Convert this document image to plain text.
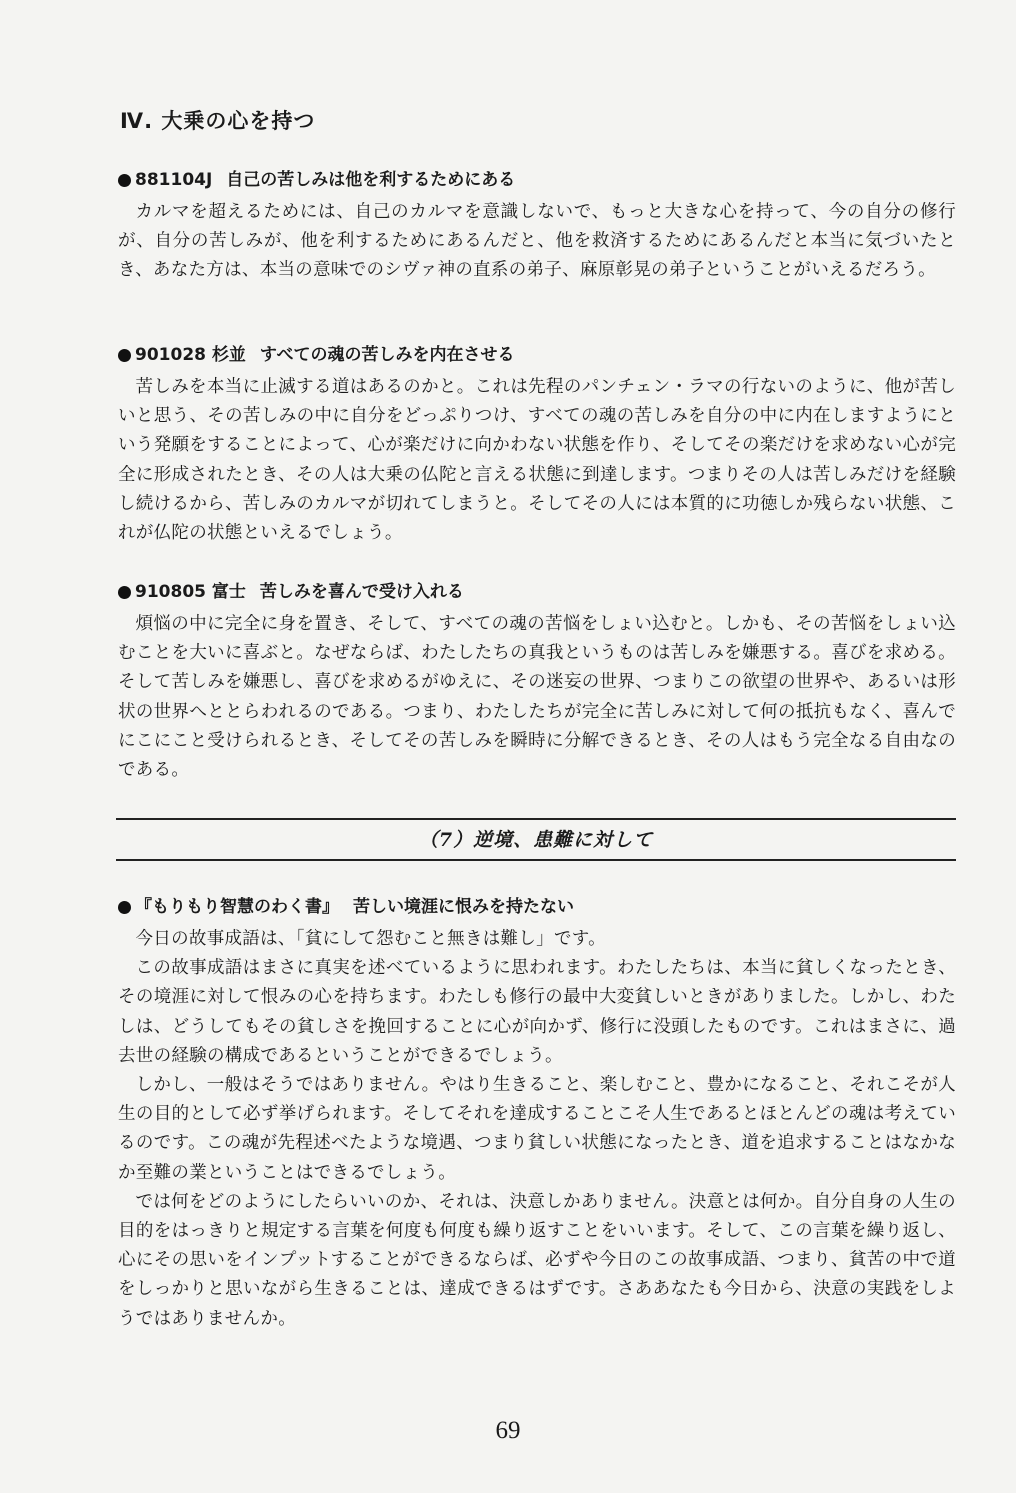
Ⅳ. 大乗の心を持つ
881104J 自己の苦しみは他を利するためにある

カルマを超えるためには、自己のカルマを意識しないで、もっと大きな心を持って、今の自分の修行が、自分の苦しみが、他を利するためにあるんだと、他を救済するためにあるんだと本当に気づいたとき、あなた方は、本当の意味でのシヴァ神の直系の弟子、麻原彰晃の弟子ということがいえるだろう。

901028 杉並 すべての魂の苦しみを内在させる

苦しみを本当に止滅する道はあるのかと。これは先程のパンチェン・ラマの行ないのように、他が苦しいと思う、その苦しみの中に自分をどっぷりつけ、すべての魂の苦しみを自分の中に内在しますようにという発願をすることによって、心が楽だけに向かわない状態を作り、そしてその楽だけを求めない心が完全に形成されたとき、その人は大乗の仏陀と言える状態に到達します。つまりその人は苦しみだけを経験し続けるから、苦しみのカルマが切れてしまうと。そしてその人には本質的に功徳しか残らない状態、これが仏陀の状態といえるでしょう。

910805 富士 苦しみを喜んで受け入れる

煩悩の中に完全に身を置き、そして、すべての魂の苦悩をしょい込むと。しかも、その苦悩をしょい込むことを大いに喜ぶと。なぜならば、わたしたちの真我というものは苦しみを嫌悪する。喜びを求める。そして苦しみを嫌悪し、喜びを求めるがゆえに、その迷妄の世界、つまりこの欲望の世界や、あるいは形状の世界へととらわれるのである。つまり、わたしたちが完全に苦しみに対して何の抵抗もなく、喜んでにこにこと受けられるとき、そしてその苦しみを瞬時に分解できるとき、その人はもう完全なる自由なのである。

（7）逆境、患難に対して
『もりもり智慧のわく書』 苦しい境涯に恨みを持たない

今日の故事成語は、「貧にして怨むこと無きは難し」です。

この故事成語はまさに真実を述べているように思われます。わたしたちは、本当に貧しくなったとき、その境涯に対して恨みの心を持ちます。わたしも修行の最中大変貧しいときがありました。しかし、わたしは、どうしてもその貧しさを挽回することに心が向かず、修行に没頭したものです。これはまさに、過去世の経験の構成であるということができるでしょう。

しかし、一般はそうではありません。やはり生きること、楽しむこと、豊かになること、それこそが人生の目的として必ず挙げられます。そしてそれを達成することこそ人生であるとほとんどの魂は考えているのです。この魂が先程述べたような境遇、つまり貧しい状態になったとき、道を追求することはなかなか至難の業ということはできるでしょう。

では何をどのようにしたらいいのか、それは、決意しかありません。決意とは何か。自分自身の人生の目的をはっきりと規定する言葉を何度も何度も繰り返すことをいいます。そして、この言葉を繰り返し、心にその思いをインプットすることができるならば、必ずや今日のこの故事成語、つまり、貧苦の中で道をしっかりと思いながら生きることは、達成できるはずです。さああなたも今日から、決意の実践をしようではありませんか。

69
